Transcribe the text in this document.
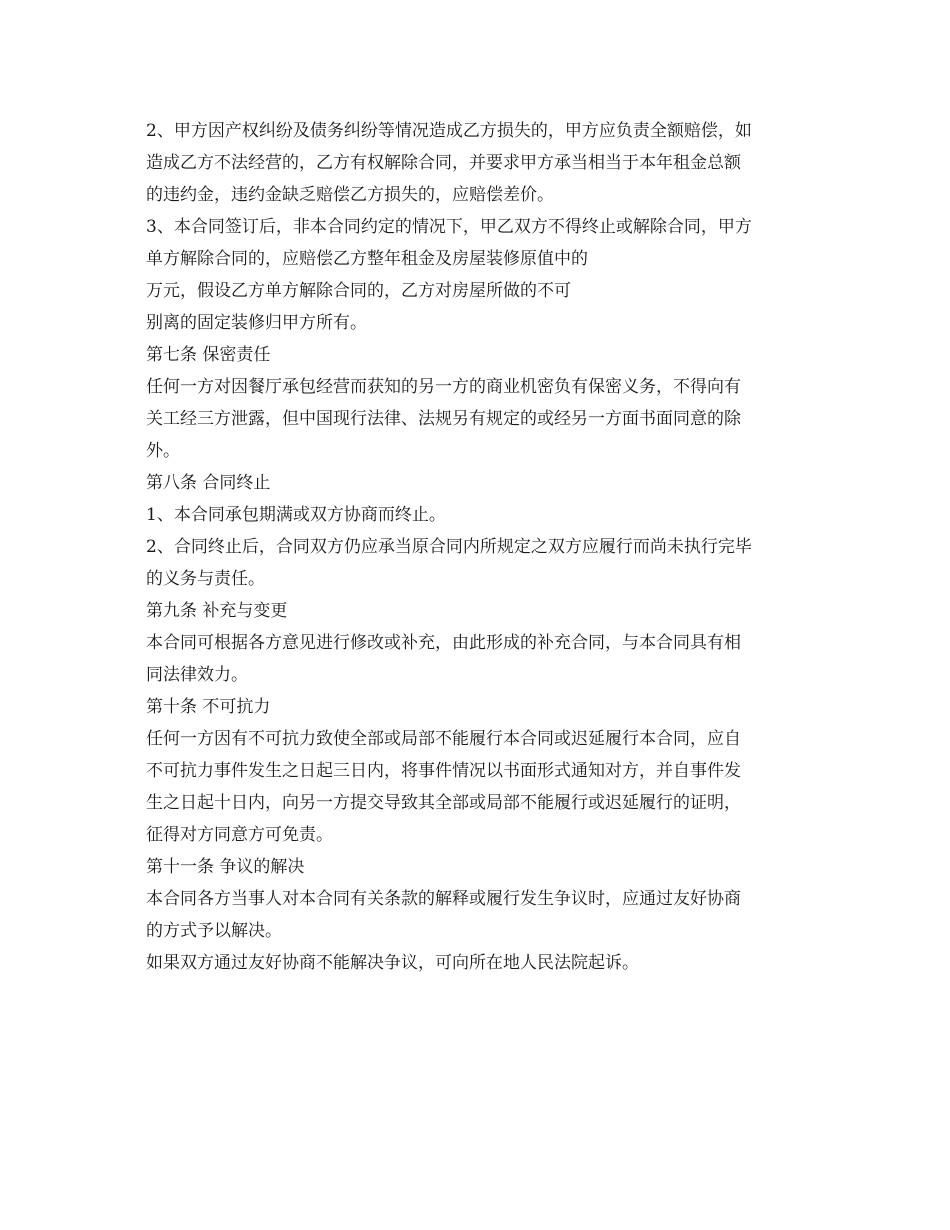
2、甲方因产权纠纷及债务纠纷等情况造成乙方损失的，甲方应负责全额赔偿，如
造成乙方不法经营的，乙方有权解除合同，并要求甲方承当相当于本年租金总额
的违约金，违约金缺乏赔偿乙方损失的，应赔偿差价。
3、本合同签订后，非本合同约定的情况下，甲乙双方不得终止或解除合同，甲方
单方解除合同的，应赔偿乙方整年租金及房屋装修原值中的
万元，假设乙方单方解除合同的，乙方对房屋所做的不可
别离的固定装修归甲方所有。
第七条 保密责任
任何一方对因餐厅承包经营而获知的另一方的商业机密负有保密义务，不得向有
关工经三方泄露，但中国现行法律、法规另有规定的或经另一方面书面同意的除
外。
第八条 合同终止
1、本合同承包期满或双方协商而终止。
2、合同终止后，合同双方仍应承当原合同内所规定之双方应履行而尚未执行完毕
的义务与责任。
第九条 补充与变更
本合同可根据各方意见进行修改或补充，由此形成的补充合同，与本合同具有相
同法律效力。
第十条 不可抗力
任何一方因有不可抗力致使全部或局部不能履行本合同或迟延履行本合同，应自
不可抗力事件发生之日起三日内，将事件情况以书面形式通知对方，并自事件发
生之日起十日内，向另一方提交导致其全部或局部不能履行或迟延履行的证明，
征得对方同意方可免责。
第十一条 争议的解决
本合同各方当事人对本合同有关条款的解释或履行发生争议时，应通过友好协商
的方式予以解决。
如果双方通过友好协商不能解决争议，可向所在地人民法院起诉。
